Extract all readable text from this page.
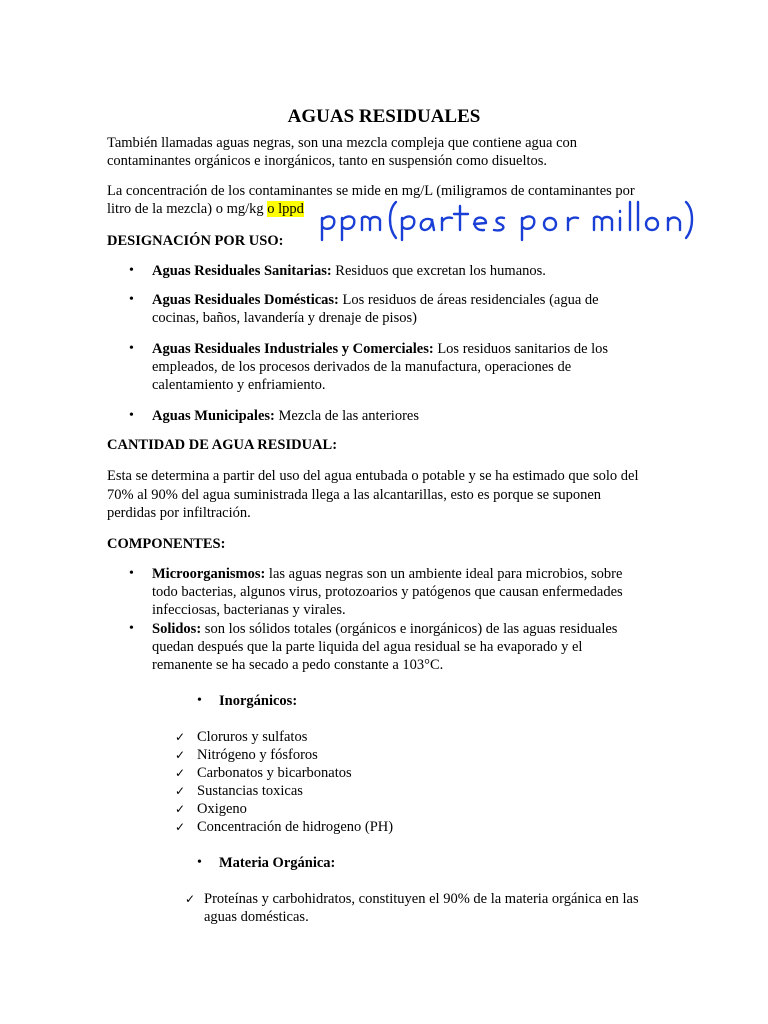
AGUAS RESIDUALES
También llamadas aguas negras, son una mezcla compleja que contiene agua con
contaminantes orgánicos e inorgánicos, tanto en suspensión como disueltos.
La concentración de los contaminantes se mide en mg/L (miligramos de contaminantes por
litro de la mezcla) o mg/kg o lppd
DESIGNACIÓN POR USO:
• Aguas Residuales Sanitarias: Residuos que excretan los humanos.
• Aguas Residuales Domésticas: Los residuos de áreas residenciales (agua de
cocinas, baños, lavandería y drenaje de pisos)
• Aguas Residuales Industriales y Comerciales: Los residuos sanitarios de los
empleados, de los procesos derivados de la manufactura, operaciones de
calentamiento y enfriamiento.
• Aguas Municipales: Mezcla de las anteriores
CANTIDAD DE AGUA RESIDUAL:
Esta se determina a partir del uso del agua entubada o potable y se ha estimado que solo del
70% al 90% del agua suministrada llega a las alcantarillas, esto es porque se suponen
perdidas por infiltración.
COMPONENTES:
• Microorganismos: las aguas negras son un ambiente ideal para microbios, sobre
todo bacterias, algunos virus, protozoarios y patógenos que causan enfermedades
infecciosas, bacterianas y virales.
• Solidos: son los sólidos totales (orgánicos e inorgánicos) de las aguas residuales
quedan después que la parte liquida del agua residual se ha evaporado y el
remanente se ha secado a pedo constante a 103°C.
• Inorgánicos:
✓ Cloruros y sulfatos
✓ Nitrógeno y fósforos
✓ Carbonatos y bicarbonatos
✓ Sustancias toxicas
✓ Oxigeno
✓ Concentración de hidrogeno (PH)
• Materia Orgánica:
✓ Proteínas y carbohidratos, constituyen el 90% de la materia orgánica en las
aguas domésticas.
